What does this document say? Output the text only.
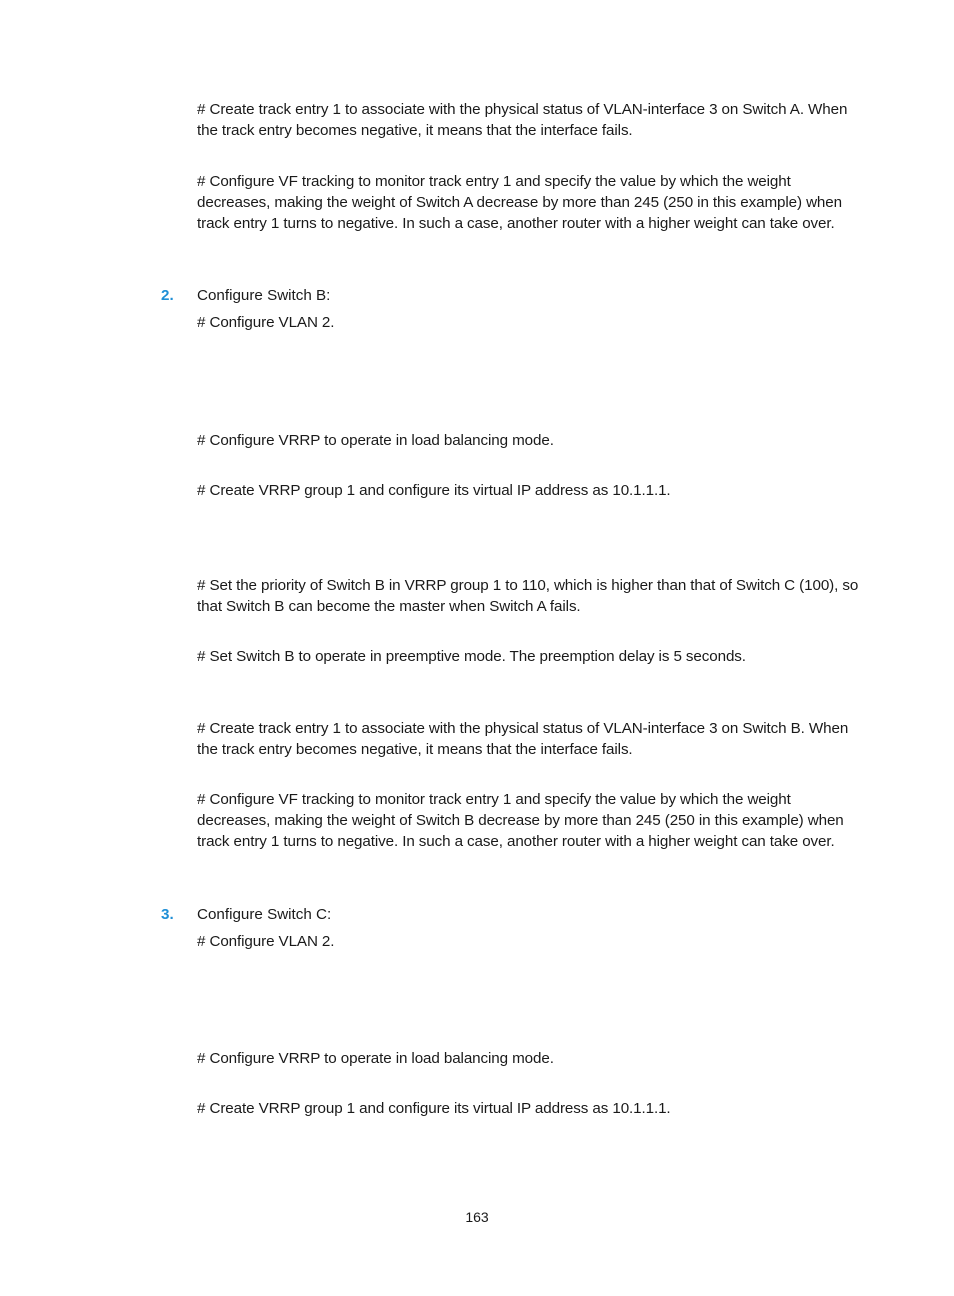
# Create track entry 1 to associate with the physical status of VLAN-interface 3 on Switch A. When the track entry becomes negative, it means that the interface fails.

# Configure VF tracking to monitor track entry 1 and specify the value by which the weight decreases, making the weight of Switch A decrease by more than 245 (250 in this example) when track entry 1 turns to negative. In such a case, another router with a higher weight can take over.

2. Configure Switch B:

# Configure VLAN 2.

# Configure VRRP to operate in load balancing mode.

# Create VRRP group 1 and configure its virtual IP address as 10.1.1.1.

# Set the priority of Switch B in VRRP group 1 to 110, which is higher than that of Switch C (100), so that Switch B can become the master when Switch A fails.

# Set Switch B to operate in preemptive mode. The preemption delay is 5 seconds.

# Create track entry 1 to associate with the physical status of VLAN-interface 3 on Switch B. When the track entry becomes negative, it means that the interface fails.

# Configure VF tracking to monitor track entry 1 and specify the value by which the weight decreases, making the weight of Switch B decrease by more than 245 (250 in this example) when track entry 1 turns to negative. In such a case, another router with a higher weight can take over.

3. Configure Switch C:

# Configure VLAN 2.

# Configure VRRP to operate in load balancing mode.

# Create VRRP group 1 and configure its virtual IP address as 10.1.1.1.

163
